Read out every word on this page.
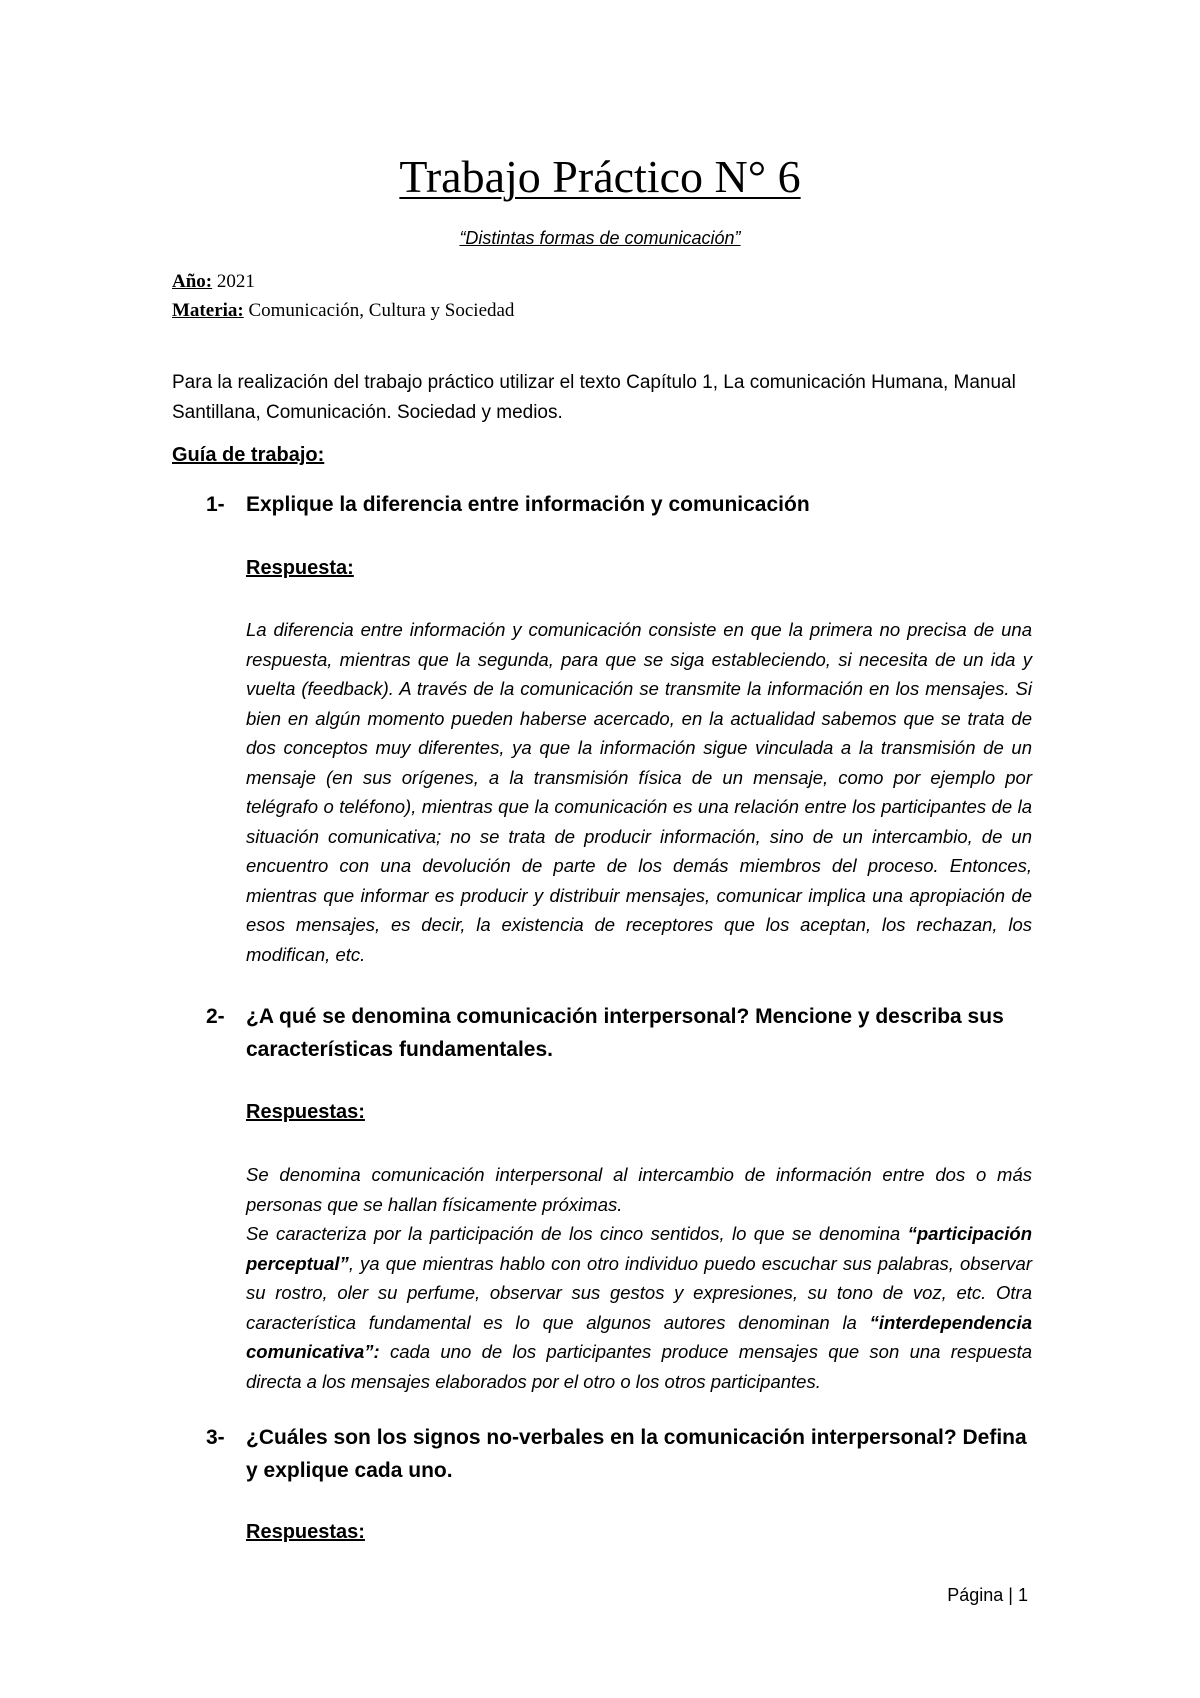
Trabajo Práctico N° 6
“Distintas formas de comunicación”
Año: 2021
Materia: Comunicación, Cultura y Sociedad
Para la realización del trabajo práctico utilizar el texto Capítulo 1, La comunicación Humana, Manual Santillana, Comunicación. Sociedad y medios.
Guía de trabajo:
1- Explique la diferencia entre información y comunicación
Respuesta:
La diferencia entre información y comunicación consiste en que la primera no precisa de una respuesta, mientras que la segunda, para que se siga estableciendo, si necesita de un ida y vuelta (feedback). A través de la comunicación se transmite la información en los mensajes. Si bien en algún momento pueden haberse acercado, en la actualidad sabemos que se trata de dos conceptos muy diferentes, ya que la información sigue vinculada a la transmisión de un mensaje (en sus orígenes, a la transmisión física de un mensaje, como por ejemplo por telégrafo o teléfono), mientras que la comunicación es una relación entre los participantes de la situación comunicativa; no se trata de producir información, sino de un intercambio, de un encuentro con una devolución de parte de los demás miembros del proceso. Entonces, mientras que informar es producir y distribuir mensajes, comunicar implica una apropiación de esos mensajes, es decir, la existencia de receptores que los aceptan, los rechazan, los modifican, etc.
2- ¿A qué se denomina comunicación interpersonal? Mencione y describa sus características fundamentales.
Respuestas:
Se denomina comunicación interpersonal al intercambio de información entre dos o más personas que se hallan físicamente próximas.
Se caracteriza por la participación de los cinco sentidos, lo que se denomina “participación perceptual”, ya que mientras hablo con otro individuo puedo escuchar sus palabras, observar su rostro, oler su perfume, observar sus gestos y expresiones, su tono de voz, etc. Otra característica fundamental es lo que algunos autores denominan la “interdependencia comunicativa”: cada uno de los participantes produce mensajes que son una respuesta directa a los mensajes elaborados por el otro o los otros participantes.
3- ¿Cuáles son los signos no-verbales en la comunicación interpersonal? Defina y explique cada uno.
Respuestas:
Página | 1
